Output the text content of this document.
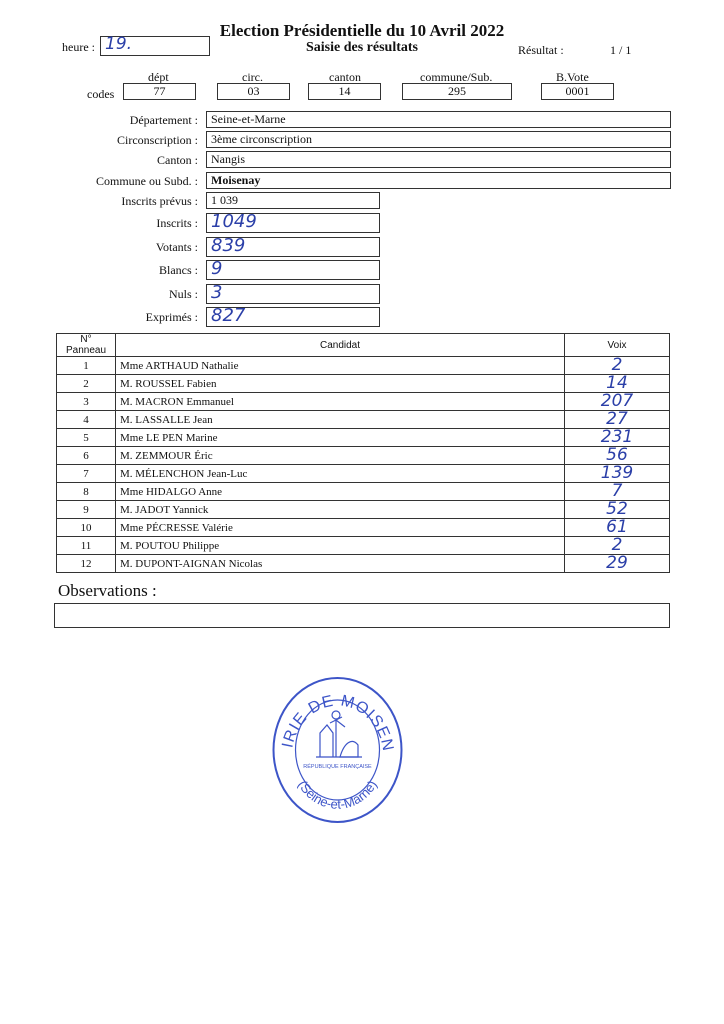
Election Présidentielle du 10 Avril 2022
Saisie des résultats
heure : 19.	Résultat :	1 / 1
dépt	circ.	canton	commune/Sub.	B.Vote
codes	77	03	14	295	0001
Département :	Seine-et-Marne
Circonscription :	3ème circonscription
Canton :	Nangis
Commune ou Subd. :	Moisenay
Inscrits prévus :	1 039
Inscrits : 1049
Votants : 839
Blancs : 9
Nuls : 3
Exprimés : 827
N° Panneau	Candidat	Voix
1	Mme ARTHAUD Nathalie	2
2	M. ROUSSEL Fabien	14
3	M. MACRON Emmanuel	207
4	M. LASSALLE Jean	27
5	Mme LE PEN Marine	231
6	M. ZEMMOUR Éric	56
7	M. MÉLENCHON Jean-Luc	139
8	Mme HIDALGO Anne	7
9	M. JADOT Yannick	52
10	Mme PÉCRESSE Valérie	61
11	M. POUTOU Philippe	2
12	M. DUPONT-AIGNAN Nicolas	29
Observations :
IRIE DE MOISEN
(Seine-et-Marne)
RÉPUBLIQUE FRANÇAISE
